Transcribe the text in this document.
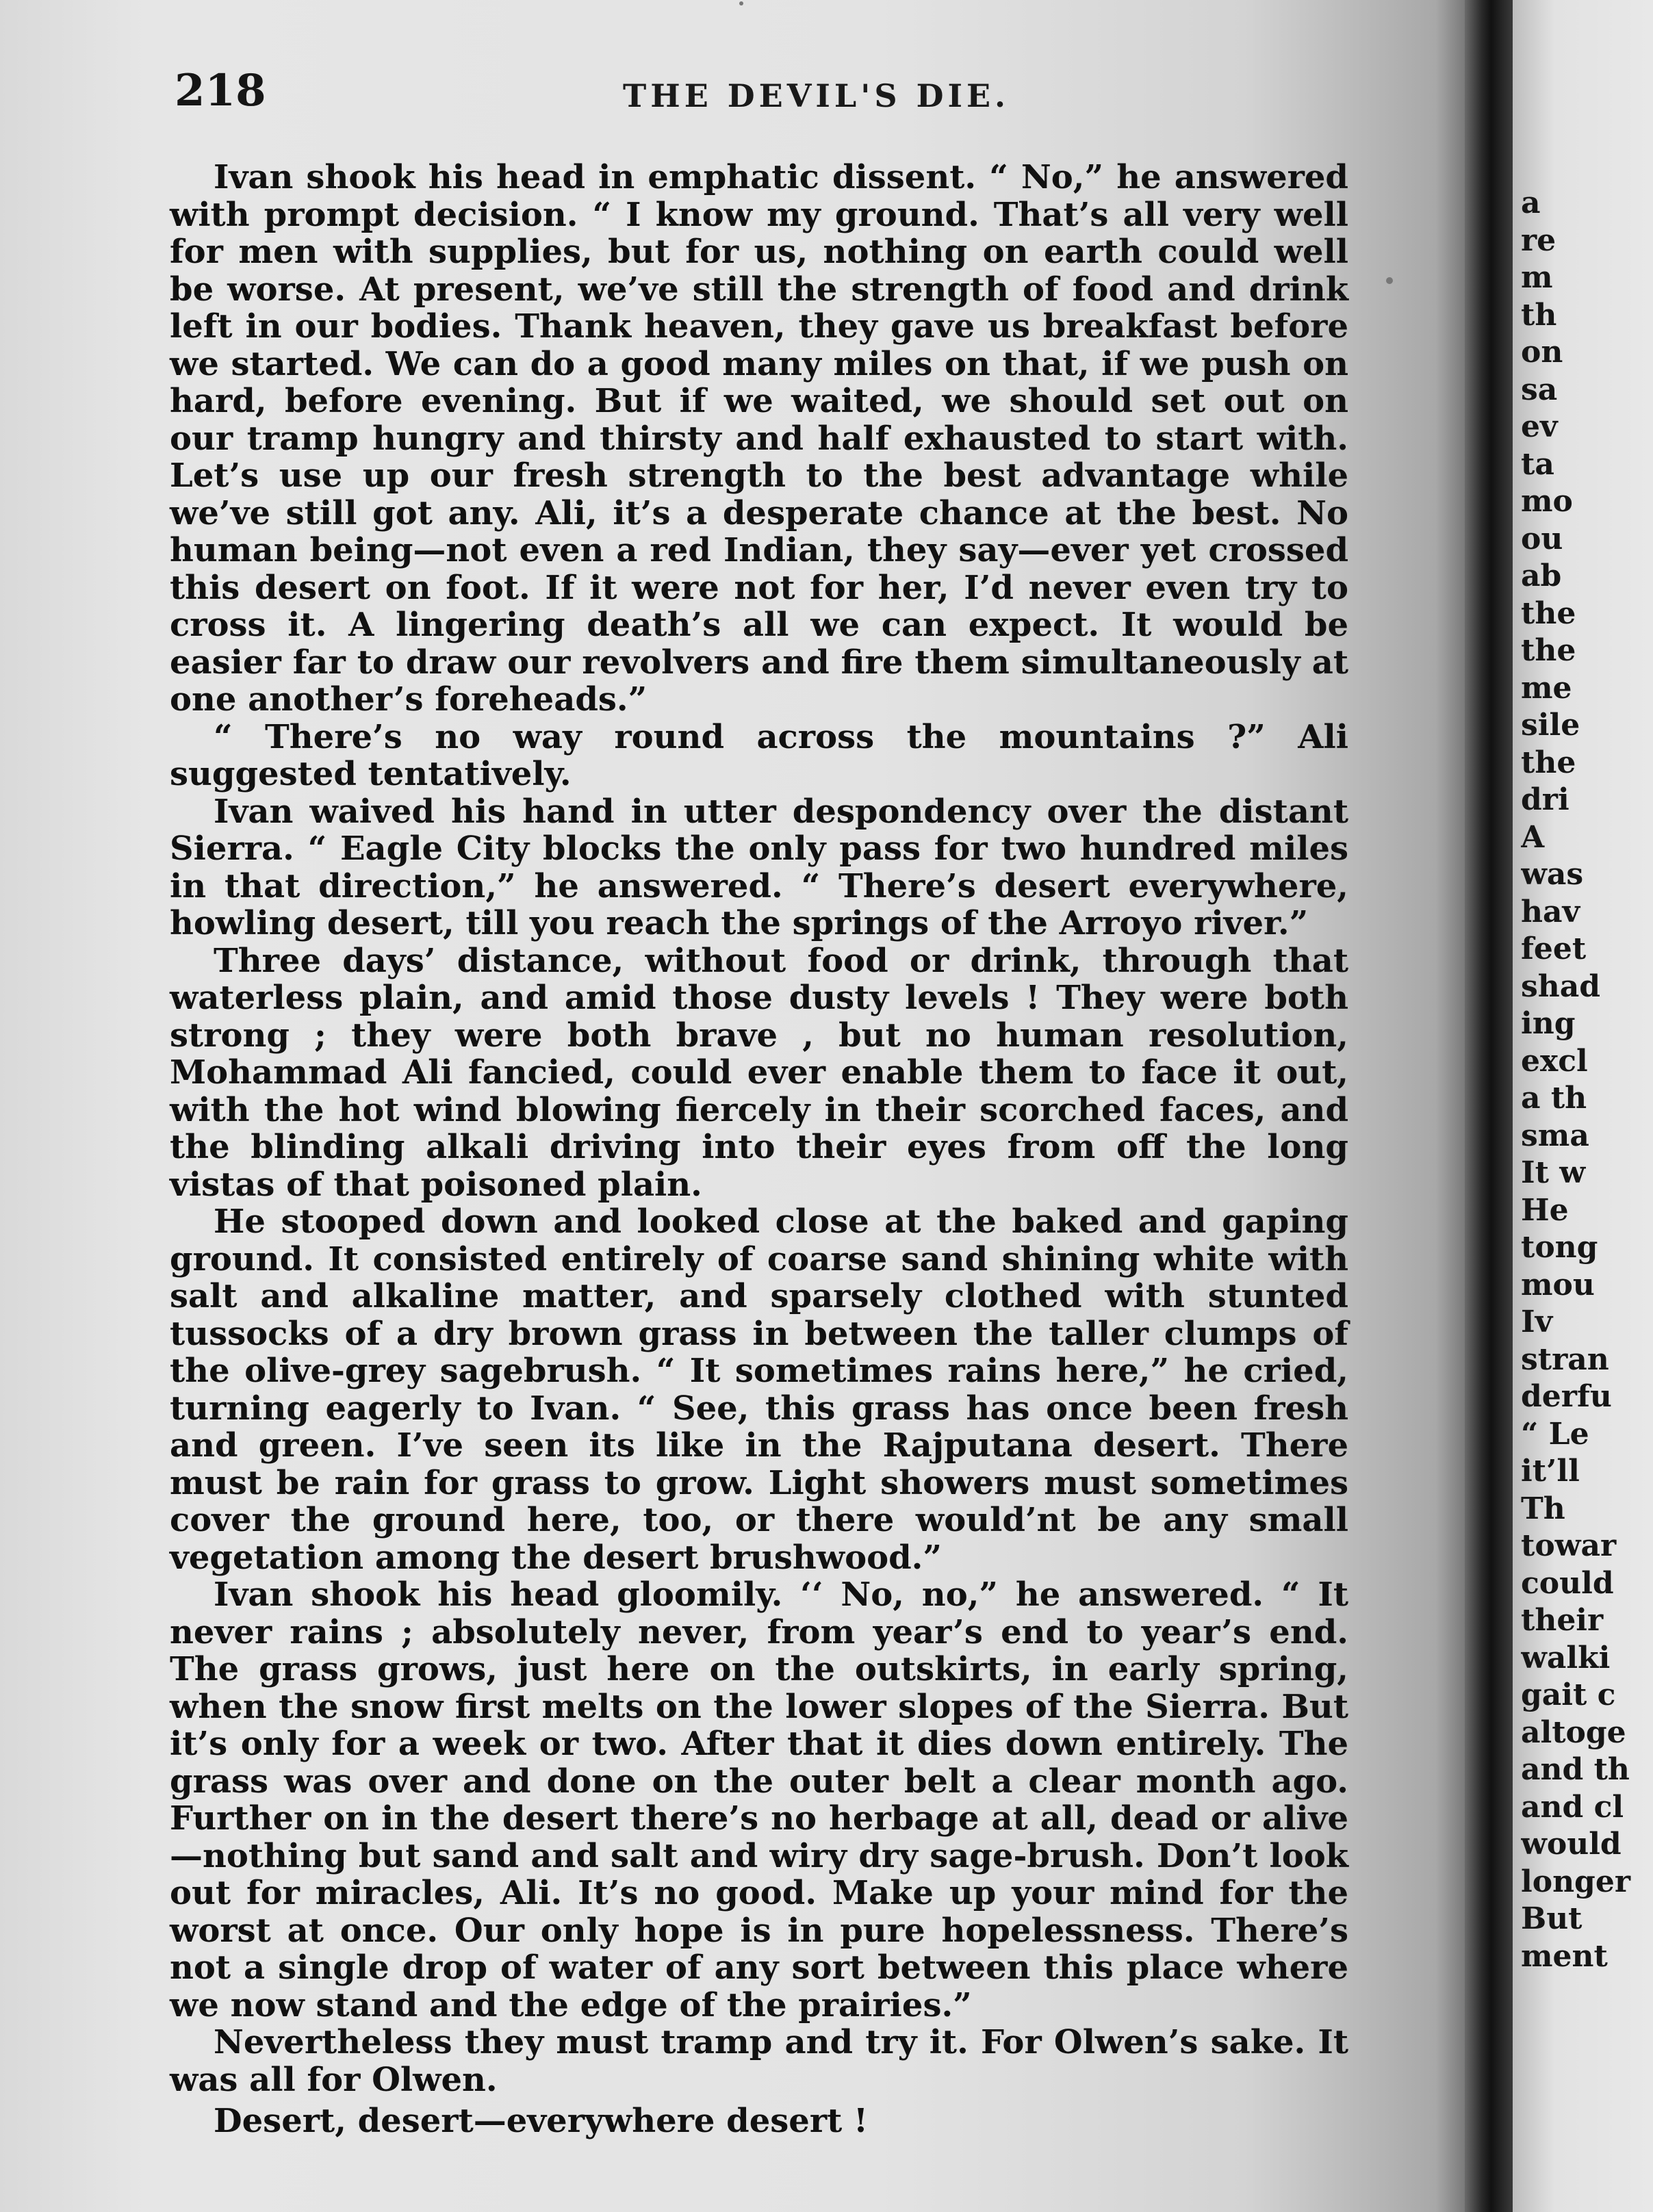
218	THE DEVIL'S DIE.

Ivan shook his head in emphatic dissent. “ No,” he answered with prompt decision. “ I know my ground. That’s all very well for men with supplies, but for us, nothing on earth could well be worse. At present, we’ve still the strength of food and drink left in our bodies. Thank heaven, they gave us breakfast before we started. We can do a good many miles on that, if we push on hard, before evening. But if we waited, we should set out on our tramp hungry and thirsty and half exhausted to start with. Let’s use up our fresh strength to the best advantage while we’ve still got any. Ali, it’s a desperate chance at the best. No human being—not even a red Indian, they say—ever yet crossed this desert on foot. If it were not for her, I’d never even try to cross it. A lingering death’s all we can expect. It would be easier far to draw our revolvers and fire them simultaneously at one another’s foreheads.”

“ There’s no way round across the mountains ?” Ali suggested tentatively.

Ivan waived his hand in utter despondency over the distant Sierra. “ Eagle City blocks the only pass for two hundred miles in that direction,” he answered. “ There’s desert everywhere, howling desert, till you reach the springs of the Arroyo river.”

Three days’ distance, without food or drink, through that waterless plain, and amid those dusty levels ! They were both strong ; they were both brave , but no human resolution, Mohammad Ali fancied, could ever enable them to face it out, with the hot wind blowing fiercely in their scorched faces, and the blinding alkali driving into their eyes from off the long vistas of that poisoned plain.

He stooped down and looked close at the baked and gaping ground. It consisted entirely of coarse sand shining white with salt and alkaline matter, and sparsely clothed with stunted tussocks of a dry brown grass in between the taller clumps of the olive-grey sagebrush. “ It sometimes rains here,” he cried, turning eagerly to Ivan. “ See, this grass has once been fresh and green. I’ve seen its like in the Rajputana desert. There must be rain for grass to grow. Light showers must sometimes cover the ground here, too, or there would’nt be any small vegetation among the desert brushwood.”

Ivan shook his head gloomily. ‘‘ No, no,” he answered. “ It never rains ; absolutely never, from year’s end to year’s end. The grass grows, just here on the outskirts, in early spring, when the snow first melts on the lower slopes of the Sierra. But it’s only for a week or two. After that it dies down entirely. The grass was over and done on the outer belt a clear month ago. Further on in the desert there’s no herbage at all, dead or alive—nothing but sand and salt and wiry dry sage-brush. Don’t look out for miracles, Ali. It’s no good. Make up your mind for the worst at once. Our only hope is in pure hopelessness. There’s not a single drop of water of any sort between this place where we now stand and the edge of the prairies.”

Nevertheless they must tramp and try it. For Olwen’s sake. It was all for Olwen.

Desert, desert—everywhere desert !

a
re
m
th
on
sa
ev
ta
mo
ou
ab
the
the
me
sile
the
dri
A
was
hav
feet
shad
ing
excl
a th
sma
It w
He
tong
mou
Iv
stran
derfu
“ Le
it’ll
Th
towar
could
their
walki
gait c
altoge
and th
and cl
would
longer
But
ment
